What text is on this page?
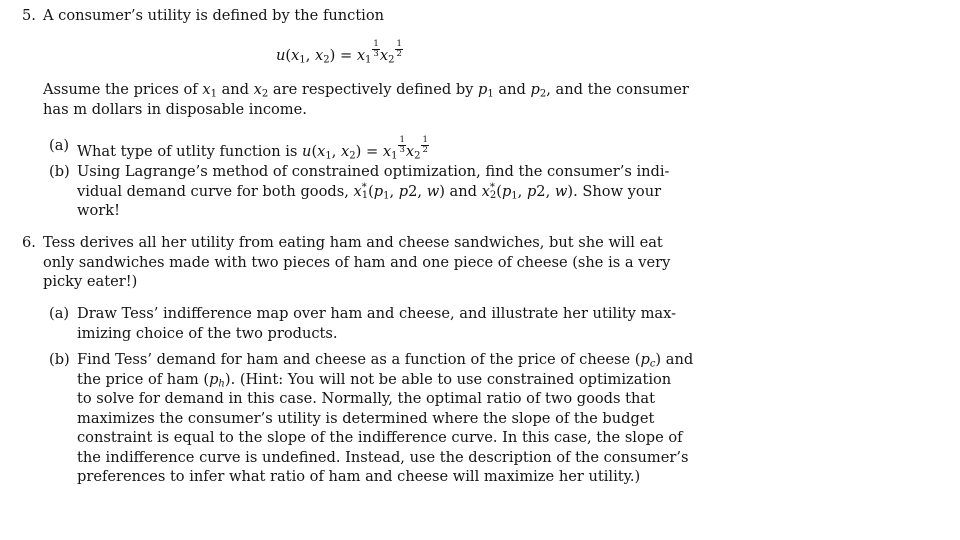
5. A consumer’s utility is defined by the function
$u(x_1$, $x_2) = x_1$
$\frac{1}{3} x_2$
$\frac{1}{2}$
Assume the prices of $x_1$ and $x_2$ are respectively defined by $p_1$ and $p_2$, and the consumer
has m dollars in disposable income.
(a) What type of utlity function is $u(x_1$, $x_2) = x_1$
$\frac{1}{3} x_2$
$\frac{1}{2}$
(b) Using Lagrange’s method of constrained optimization, find the consumer’s indi-
vidual demand curve for both goods, $x^*_1(p_1$, p2, w) and $x^*_2(p_1$, p2, w). Show your
work!
6. Tess derives all her utility from eating ham and cheese sandwiches, but she will eat
only sandwiches made with two pieces of ham and one piece of cheese (she is a very
picky eater!)
(a) Draw Tess’ indifference map over ham and cheese, and illustrate her utility max-
imizing choice of the two products.
(b) Find Tess’ demand for ham and cheese as a function of the price of cheese $(p_c)$ and
the price of ham $(p_h)$. (Hint: You will not be able to use constrained optimization
to solve for demand in this case. Normally, the optimal ratio of two goods that
maximizes the consumer’s utility is determined where the slope of the budget
constraint is equal to the slope of the indifference curve. In this case, the slope of
the indifference curve is undefined. Instead, use the description of the consumer’s
preferences to infer what ratio of ham and cheese will maximize her utility.)
